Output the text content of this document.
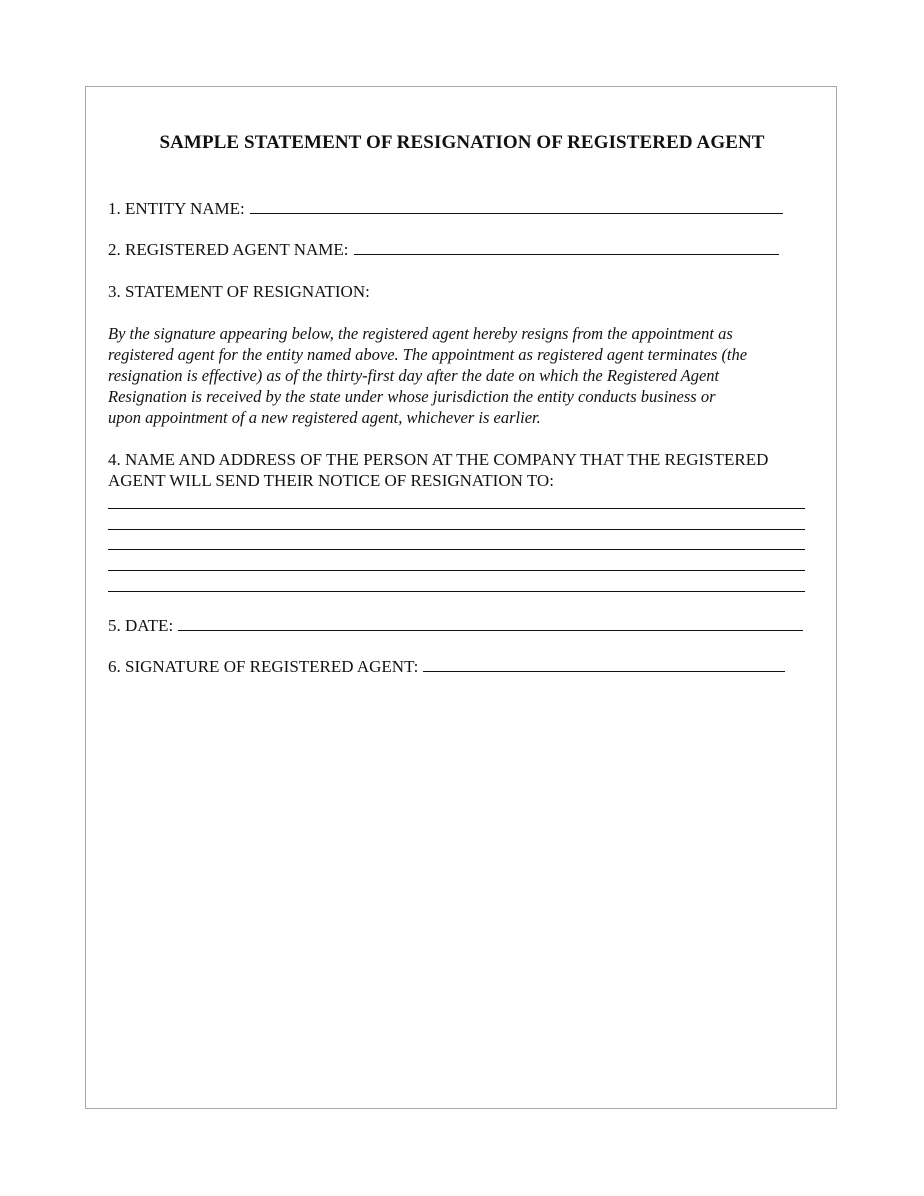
SAMPLE STATEMENT OF RESIGNATION OF REGISTERED AGENT
1. ENTITY NAME:
2. REGISTERED AGENT NAME:
3. STATEMENT OF RESIGNATION:
By the signature appearing below, the registered agent hereby resigns from the appointment as
registered agent for the entity named above. The appointment as registered agent terminates (the
resignation is effective) as of the thirty-first day after the date on which the Registered Agent
Resignation is received by the state under whose jurisdiction the entity conducts business or
upon appointment of a new registered agent, whichever is earlier.
4. NAME AND ADDRESS OF THE PERSON AT THE COMPANY THAT THE REGISTERED
AGENT WILL SEND THEIR NOTICE OF RESIGNATION TO:
5. DATE:
6. SIGNATURE OF REGISTERED AGENT:
